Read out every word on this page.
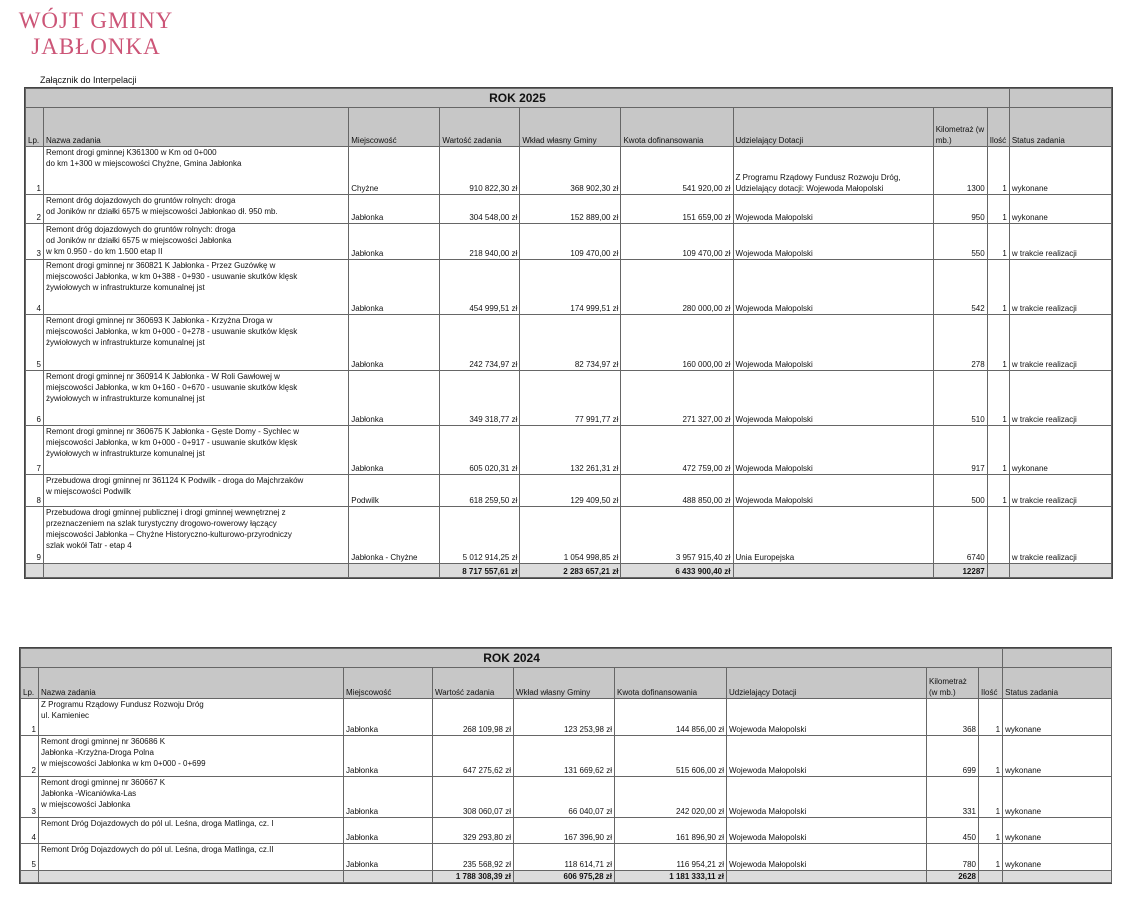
WÓJT GMINY
JABŁONKA
Załącznik do Interpelacji
ROK 2025									
Lp.	Nazwa zadania	Miejscowość	Wartość zadania	Wkład własny Gminy	Kwota dofinansowania	Udzielający Dotacji	Kilometraż (w mb.)	Ilość	Status zadania
1	Remont drogi gminnej K361300 w Km od 0+000
do km 1+300 w miejscowości Chyżne, Gmina Jabłonka	Chyżne	910 822,30 zł	368 902,30 zł	541 920,00 zł	Z Programu Rządowy Fundusz Rozwoju Dróg,
Udzielający dotacji: Wojewoda Małopolski	1300	1	wykonane
2	Remont dróg dojazdowych do gruntów rolnych: droga
od Joników nr działki 6575 w miejscowości Jabłonkao dł. 950 mb.	Jabłonka	304 548,00 zł	152 889,00 zł	151 659,00 zł	Wojewoda Małopolski	950	1	wykonane
3	Remont dróg dojazdowych do gruntów rolnych: droga
od Joników nr działki 6575 w miejscowości Jabłonka
w km 0.950 - do km 1.500 etap II	Jabłonka	218 940,00 zł	109 470,00 zł	109 470,00 zł	Wojewoda Małopolski	550	1	w trakcie realizacji
4	Remont drogi gminnej nr 360821 K Jabłonka - Przez Guzówkę w
miejscowości Jabłonka, w km 0+388 - 0+930 - usuwanie skutków klęsk
żywiołowych w infrastrukturze komunalnej jst	Jabłonka	454 999,51 zł	174 999,51 zł	280 000,00 zł	Wojewoda Małopolski	542	1	w trakcie realizacji
5	Remont drogi gminnej nr 360693 K Jabłonka - Krzyżna Droga w
miejscowości Jabłonka, w km 0+000 - 0+278 - usuwanie skutków klęsk
żywiołowych w infrastrukturze komunalnej jst	Jabłonka	242 734,97 zł	82 734,97 zł	160 000,00 zł	Wojewoda Małopolski	278	1	w trakcie realizacji
6	Remont drogi gminnej nr 360914 K Jabłonka - W Roli Gawłowej w
miejscowości Jabłonka, w km 0+160 - 0+670 - usuwanie skutków klęsk
żywiołowych w infrastrukturze komunalnej jst	Jabłonka	349 318,77 zł	77 991,77 zł	271 327,00 zł	Wojewoda Małopolski	510	1	w trakcie realizacji
7	Remont drogi gminnej nr 360675 K Jabłonka - Gęste Domy - Sychlec w
miejscowości Jabłonka, w km 0+000 - 0+917 - usuwanie skutków klęsk
żywiołowych w infrastrukturze komunalnej jst	Jabłonka	605 020,31 zł	132 261,31 zł	472 759,00 zł	Wojewoda Małopolski	917	1	wykonane
8	Przebudowa drogi gminnej nr 361124 K Podwilk - droga do Majchrzaków
w miejscowości Podwilk	Podwilk	618 259,50 zł	129 409,50 zł	488 850,00 zł	Wojewoda Małopolski	500	1	w trakcie realizacji
9	Przebudowa drogi gminnej publicznej i drogi gminnej wewnętrznej z
przeznaczeniem na szlak turystyczny drogowo-rowerowy łączący
miejscowości Jabłonka – Chyżne Historyczno-kulturowo-przyrodniczy
szlak wokół Tatr - etap 4	Jabłonka - Chyżne	5 012 914,25 zł	1 054 998,85 zł	3 957 915,40 zł	Unia Europejska	6740		w trakcie realizacji
			8 717 557,61 zł	2 283 657,21 zł	6 433 900,40 zł		12287		
ROK 2024									
Lp.	Nazwa zadania	Miejscowość	Wartość zadania	Wkład własny Gminy	Kwota dofinansowania	Udzielający Dotacji	Kilometraż (w mb.)	Ilość	Status zadania
1	Z Programu Rządowy Fundusz Rozwoju Dróg
ul. Kamieniec	Jabłonka	268 109,98 zł	123 253,98 zł	144 856,00 zł	Wojewoda Małopolski	368	1	wykonane
2	Remont drogi gminnej nr 360686 K
Jabłonka -Krzyżna-Droga Polna
w miejscowości Jabłonka w km 0+000 - 0+699	Jabłonka	647 275,62 zł	131 669,62 zł	515 606,00 zł	Wojewoda Małopolski	699	1	wykonane
3	Remont drogi gminnej nr 360667 K
Jabłonka -Wicaniówka-Las
w miejscowości Jabłonka	Jabłonka	308 060,07 zł	66 040,07 zł	242 020,00 zł	Wojewoda Małopolski	331	1	wykonane
4	Remont Dróg Dojazdowych do pól ul. Leśna, droga Matlinga, cz. I	Jabłonka	329 293,80 zł	167 396,90 zł	161 896,90 zł	Wojewoda Małopolski	450	1	wykonane
5	Remont Dróg Dojazdowych do pól ul. Leśna, droga Matlinga, cz.II	Jabłonka	235 568,92 zł	118 614,71 zł	116 954,21 zł	Wojewoda Małopolski	780	1	wykonane
			1 788 308,39 zł	606 975,28 zł	1 181 333,11 zł		2628		
